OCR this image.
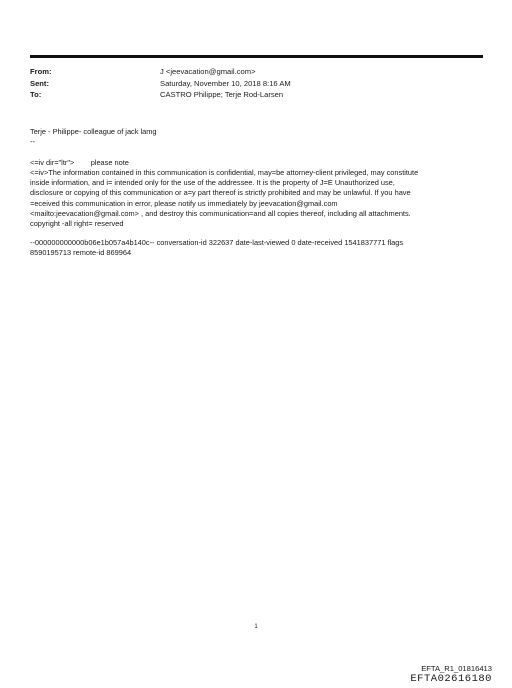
From:	J <jeevacation@gmail.com>
Sent:	Saturday, November 10, 2018 8:16 AM
To:	CASTRO Philippe; Terje Rod-Larsen

Terje - Philippe- colleague of jack lamg

--

<=iv dir="ltr">        please note

<=iv>The information contained in this communication is confidential, may=be attorney-client privileged, may constitute
inside information, and i= intended only for the use of the addressee. It is the property of J=E Unauthorized use,
disclosure or copying of this communication or a=y part thereof is strictly prohibited and may be unlawful. If you have
=eceived this communication in error, please notify us immediately by jeevacation@gmail.com
<mailto:jeevacation@gmail.com> , and destroy this communication=and all copies thereof, including all attachments.
copyright -all right= reserved

--000000000000b06e1b057a4b140c-- conversation-id 322637 date-last-viewed 0 date-received 1541837771 flags
8590195713 remote-id 869964

1
EFTA_R1_01816413
EFTA02616180
